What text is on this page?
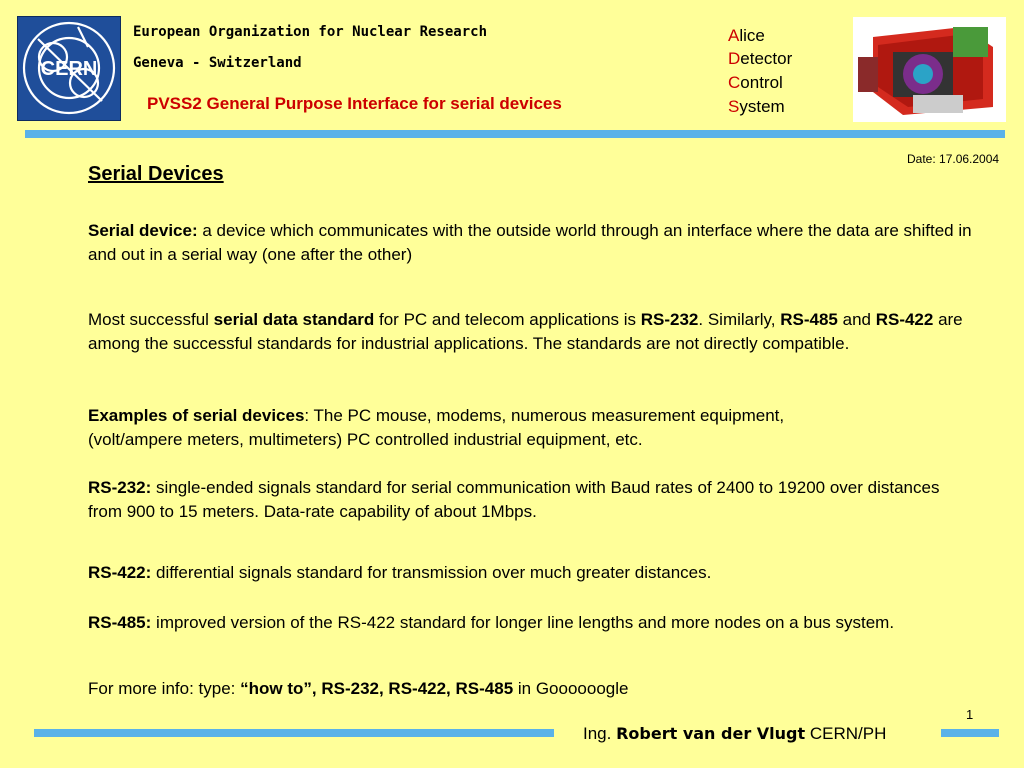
CERN
European Organization for Nuclear Research
Geneva - Switzerland
PVSS2 General Purpose Interface for serial devices
Alice
Detector
Control
System
Date: 17.06.2004
Serial Devices
Serial device: a device which communicates with the outside world through an interface where the data are shifted in and out in a serial way (one after the other)
Most successful serial data standard for PC and telecom applications is RS-232. Similarly, RS-485 and RS-422 are among the successful standards for industrial applications. The standards are not directly compatible.
Examples of serial devices: The PC mouse, modems, numerous measurement equipment,
(volt/ampere meters, multimeters) PC controlled industrial equipment, etc.
RS-232: single-ended signals standard for serial communication with Baud rates of 2400 to 19200 over distances from 900 to 15 meters. Data-rate capability of about 1Mbps.
RS-422: differential signals standard for transmission over much greater distances.
RS-485: improved version of the RS-422 standard for longer line lengths and more nodes on a bus system.
For more info: type: “how to”, RS-232, RS-422, RS-485 in Goooooogle
1
Ing. Robert van der Vlugt CERN/PH
